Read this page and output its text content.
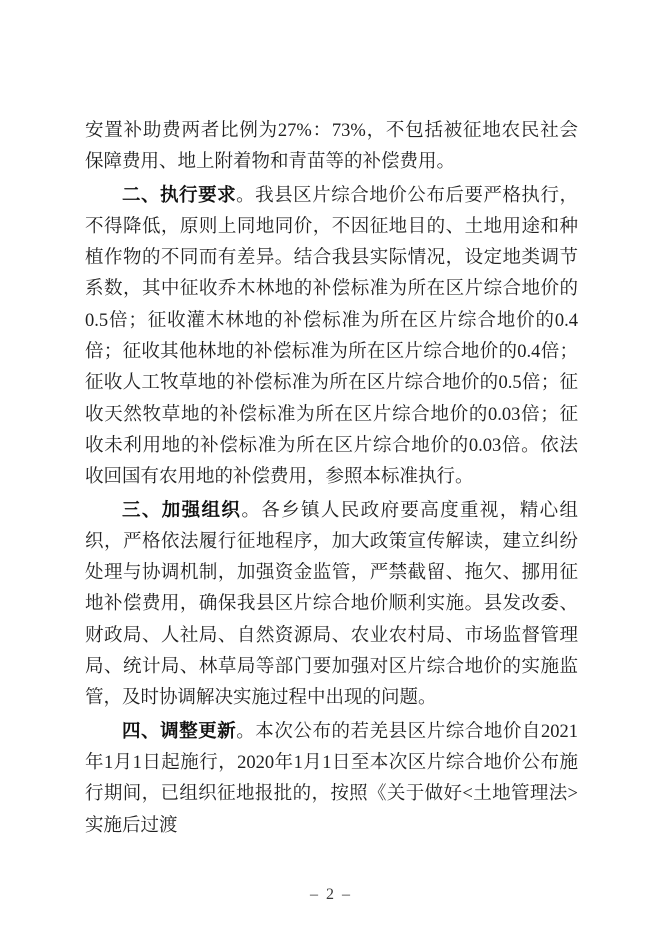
安置补助费两者比例为27%：73%，不包括被征地农民社会保障费用、地上附着物和青苗等的补偿费用。

二、执行要求。我县区片综合地价公布后要严格执行，不得降低，原则上同地同价，不因征地目的、土地用途和种植作物的不同而有差异。结合我县实际情况，设定地类调节系数，其中征收乔木林地的补偿标准为所在区片综合地价的0.5倍；征收灌木林地的补偿标准为所在区片综合地价的0.4倍；征收其他林地的补偿标准为所在区片综合地价的0.4倍；征收人工牧草地的补偿标准为所在区片综合地价的0.5倍；征收天然牧草地的补偿标准为所在区片综合地价的0.03倍；征收未利用地的补偿标准为所在区片综合地价的0.03倍。依法收回国有农用地的补偿费用，参照本标准执行。

三、加强组织。各乡镇人民政府要高度重视，精心组织，严格依法履行征地程序，加大政策宣传解读，建立纠纷处理与协调机制，加强资金监管，严禁截留、拖欠、挪用征地补偿费用，确保我县区片综合地价顺利实施。县发改委、财政局、人社局、自然资源局、农业农村局、市场监督管理局、统计局、林草局等部门要加强对区片综合地价的实施监管，及时协调解决实施过程中出现的问题。

四、调整更新。本次公布的若羌县区片综合地价自2021年1月1日起施行，2020年1月1日至本次区片综合地价公布施行期间，已组织征地报批的，按照《关于做好<土地管理法>实施后过渡

– 2 –
